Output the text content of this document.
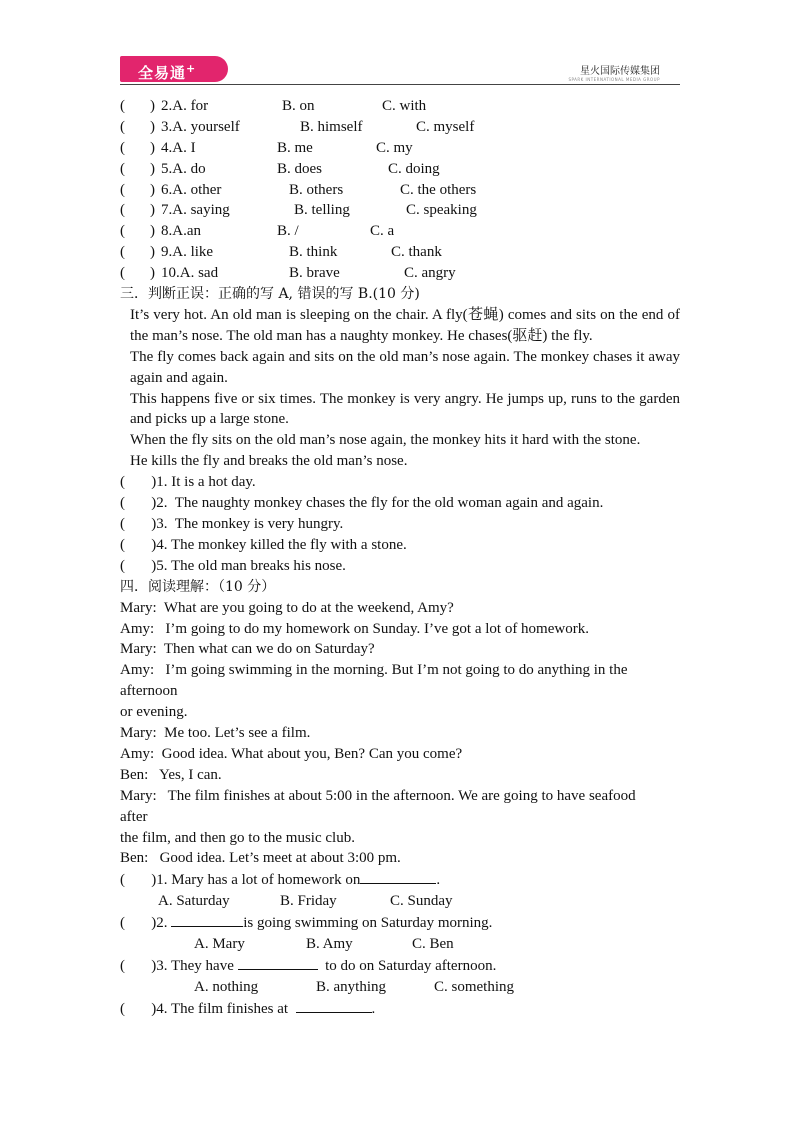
全易通+	星火国际传媒集团
SPARK INTERNATIONAL MEDIA GROUP
( ) 2.A. for	B. on	C. with
( ) 3.A. yourself	B. himself	C. myself
( ) 4.A. I	B. me	C. my
( ) 5.A. do	B. does	C. doing
( ) 6.A. other	B. others	C. the others
( ) 7.A. saying	B. telling	C. speaking
( ) 8.A.an	B. /	C. a
( ) 9.A. like	B. think	C. thank
( ) 10.A. sad	B. brave	C. angry
三．判断正误：正确的写 A, 错误的写 B.(10 分)

It’s very hot. An old man is sleeping on the chair. A fly(苍蝇) comes and sits on the end of the man’s nose. The old man has a naughty monkey. He chases(驱赶) the fly.

The fly comes back again and sits on the old man’s nose again. The monkey chases it away again and again.

This happens five or six times. The monkey is very angry. He jumps up, runs to the garden and picks up a large stone.

When the fly sits on the old man’s nose again, the monkey hits it hard with the stone.

He kills the fly and breaks the old man’s nose.

(       )1. It is a hot day.
(       )2.  The naughty monkey chases the fly for the old woman again and again.
(       )3.  The monkey is very hungry.
(       )4. The monkey killed the fly with a stone.
(       )5. The old man breaks his nose.
四．阅读理解：（10 分）
Mary:  What are you going to do at the weekend, Amy?
Amy:   I’m going to do my homework on Sunday. I’ve got a lot of homework.
Mary:  Then what can we do on Saturday?
Amy:   I’m going swimming in the morning. But I’m not going to do anything in the
afternoon
or evening.
Mary:  Me too. Let’s see a film.
Amy:  Good idea. What about you, Ben? Can you come?
Ben:   Yes, I can.
Mary:   The film finishes at about 5:00 in the afternoon. We are going to have seafood
after
the film, and then go to the music club.
Ben:   Good idea. Let’s meet at about 3:00 pm.
(       )1. Mary has a lot of homework on	.
A. Saturday	B. Friday	C. Sunday
(       )2.	is going swimming on Saturday morning.
A. Mary	B. Amy	C. Ben
(       )3. They have	to do on Saturday afternoon.
A. nothing	B. anything	C. something
(       )4. The film finishes at	.
